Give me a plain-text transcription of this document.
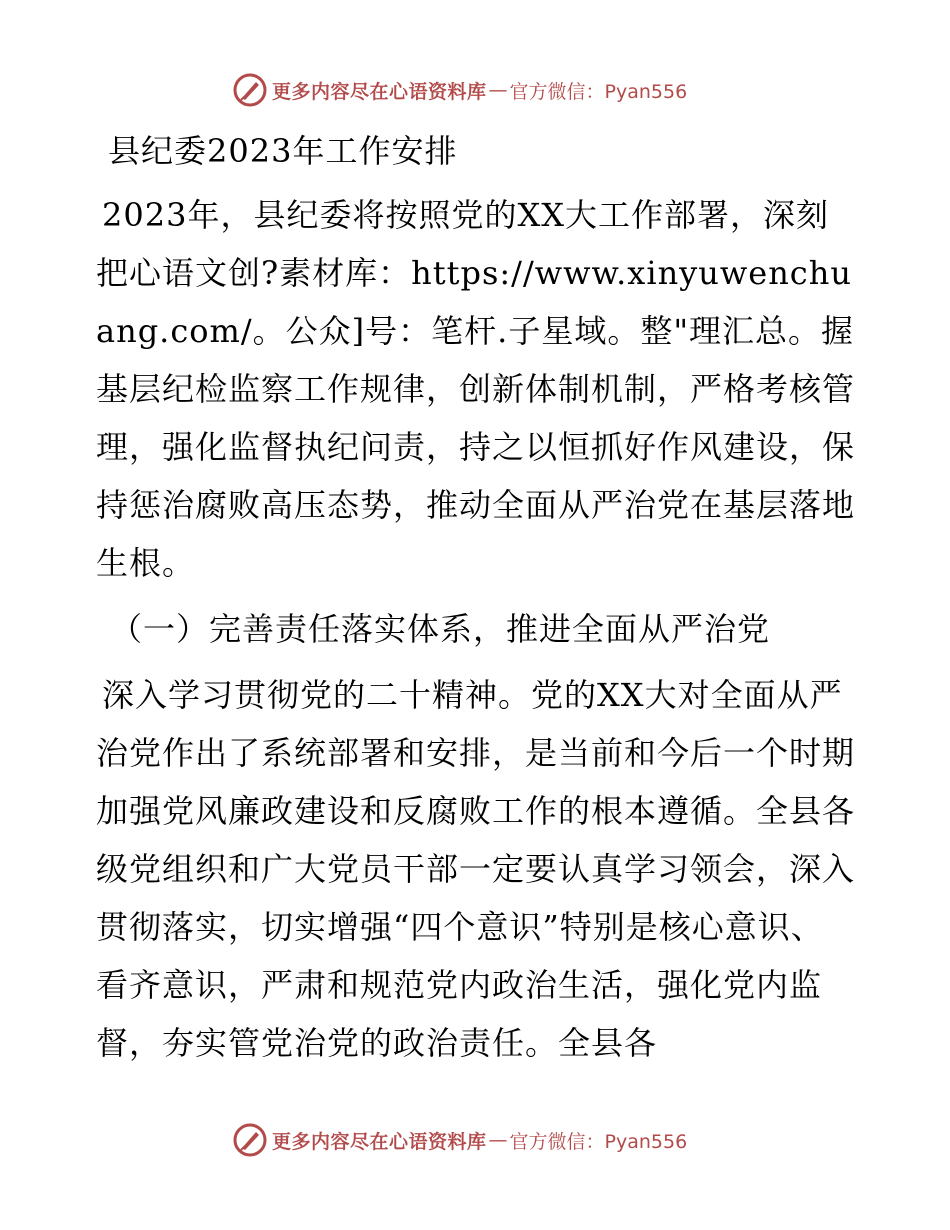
更多内容尽在心语资料库 — 官方微信：Pyan556

县纪委2023年工作安排

2023年，县纪委将按照党的XX大工作部署，深刻把心语文创?素材库：https://www.xinyuwenchuang.com/。公众]号：笔杆.子星域。整"理汇总。握基层纪检监察工作规律，创新体制机制，严格考核管理，强化监督执纪问责，持之以恒抓好作风建设，保持惩治腐败高压态势，推动全面从严治党在基层落地生根。

（一）完善责任落实体系，推进全面从严治党

深入学习贯彻党的二十精神。党的XX大对全面从严治党作出了系统部署和安排，是当前和今后一个时期加强党风廉政建设和反腐败工作的根本遵循。全县各级党组织和广大党员干部一定要认真学习领会，深入贯彻落实，切实增强“四个意识”特别是核心意识、看齐意识，严肃和规范党内政治生活，强化党内监督，夯实管党治党的政治责任。全县各

更多内容尽在心语资料库 — 官方微信：Pyan556
